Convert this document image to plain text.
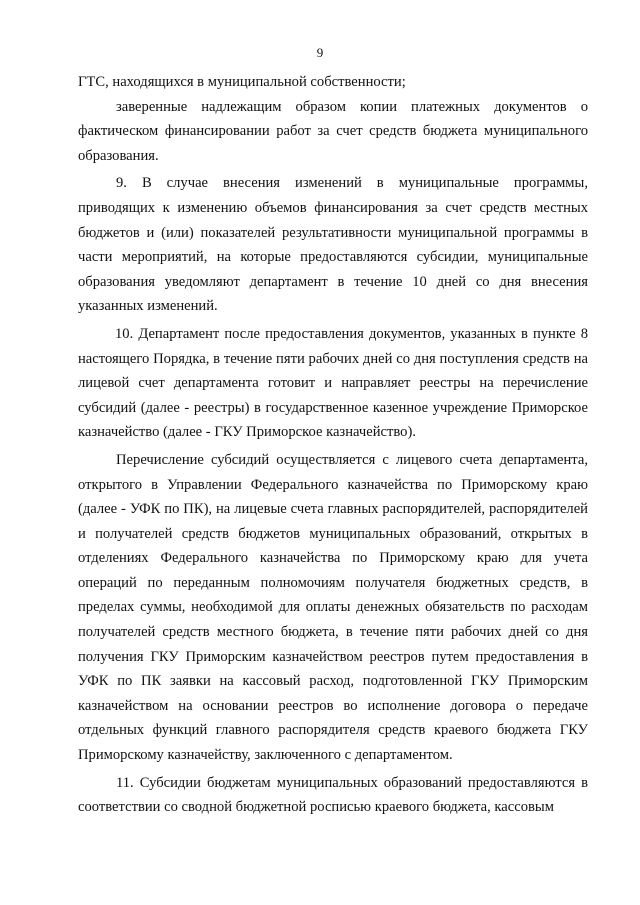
9

ГТС, находящихся в муниципальной собственности;

заверенные надлежащим образом копии платежных документов о фактическом финансировании работ за счет средств бюджета муниципального образования.

9. В случае внесения изменений в муниципальные программы, приводящих к изменению объемов финансирования за счет средств местных бюджетов и (или) показателей результативности муниципальной программы в части мероприятий, на которые предоставляются субсидии, муниципальные образования уведомляют департамент в течение 10 дней со дня внесения указанных изменений.

10. Департамент после предоставления документов, указанных в пункте 8 настоящего Порядка, в течение пяти рабочих дней со дня поступления средств на лицевой счет департамента готовит и направляет реестры на перечисление субсидий (далее - реестры) в государственное казенное учреждение Приморское казначейство (далее - ГКУ Приморское казначейство).

Перечисление субсидий осуществляется с лицевого счета департамента, открытого в Управлении Федерального казначейства по Приморскому краю (далее - УФК по ПК), на лицевые счета главных распорядителей, распорядителей и получателей средств бюджетов муниципальных образований, открытых в отделениях Федерального казначейства по Приморскому краю для учета операций по переданным полномочиям получателя бюджетных средств, в пределах суммы, необходимой для оплаты денежных обязательств по расходам получателей средств местного бюджета, в течение пяти рабочих дней со дня получения ГКУ Приморским казначейством реестров путем предоставления в УФК по ПК заявки на кассовый расход, подготовленной ГКУ Приморским казначейством на основании реестров во исполнение договора о передаче отдельных функций главного распорядителя средств краевого бюджета ГКУ Приморскому казначейству, заключенного с департаментом.

11. Субсидии бюджетам муниципальных образований предоставляются в соответствии со сводной бюджетной росписью краевого бюджета, кассовым
